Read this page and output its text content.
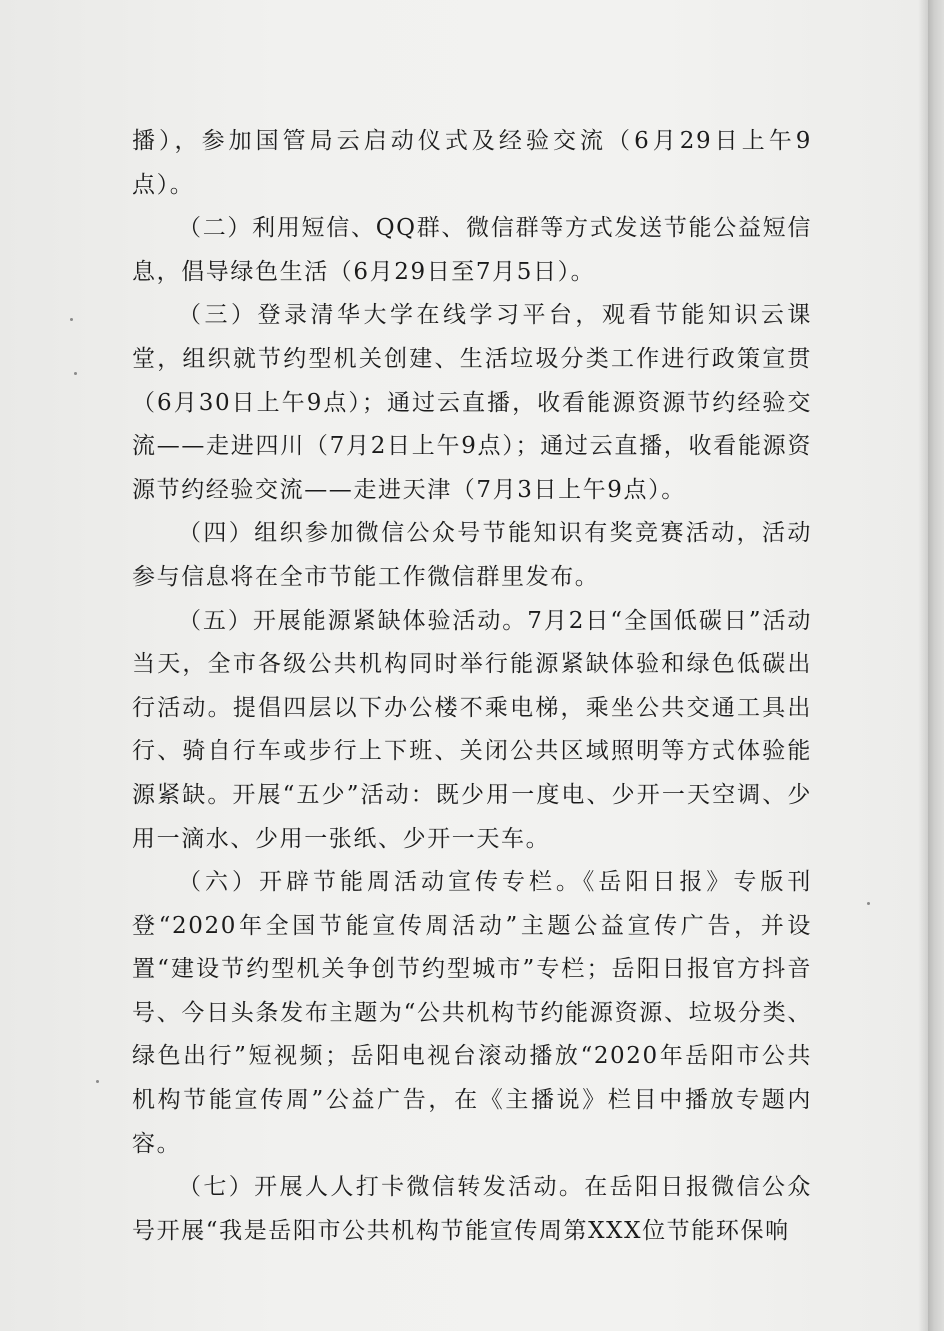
播），参加国管局云启动仪式及经验交流（6月29日上午9点）。

（二）利用短信、QQ群、微信群等方式发送节能公益短信息，倡导绿色生活（6月29日至7月5日）。

（三）登录清华大学在线学习平台，观看节能知识云课堂，组织就节约型机关创建、生活垃圾分类工作进行政策宣贯（6月30日上午9点）；通过云直播，收看能源资源节约经验交流——走进四川（7月2日上午9点）；通过云直播，收看能源资源节约经验交流——走进天津（7月3日上午9点）。

（四）组织参加微信公众号节能知识有奖竞赛活动，活动参与信息将在全市节能工作微信群里发布。

（五）开展能源紧缺体验活动。7月2日“全国低碳日”活动当天，全市各级公共机构同时举行能源紧缺体验和绿色低碳出行活动。提倡四层以下办公楼不乘电梯，乘坐公共交通工具出行、骑自行车或步行上下班、关闭公共区域照明等方式体验能源紧缺。开展“五少”活动：既少用一度电、少开一天空调、少用一滴水、少用一张纸、少开一天车。

（六）开辟节能周活动宣传专栏。《岳阳日报》专版刊登“2020年全国节能宣传周活动”主题公益宣传广告，并设置“建设节约型机关争创节约型城市”专栏；岳阳日报官方抖音号、今日头条发布主题为“公共机构节约能源资源、垃圾分类、绿色出行”短视频；岳阳电视台滚动播放“2020年岳阳市公共机构节能宣传周”公益广告，在《主播说》栏目中播放专题内容。

（七）开展人人打卡微信转发活动。在岳阳日报微信公众号开展“我是岳阳市公共机构节能宣传周第XXX位节能环保响
